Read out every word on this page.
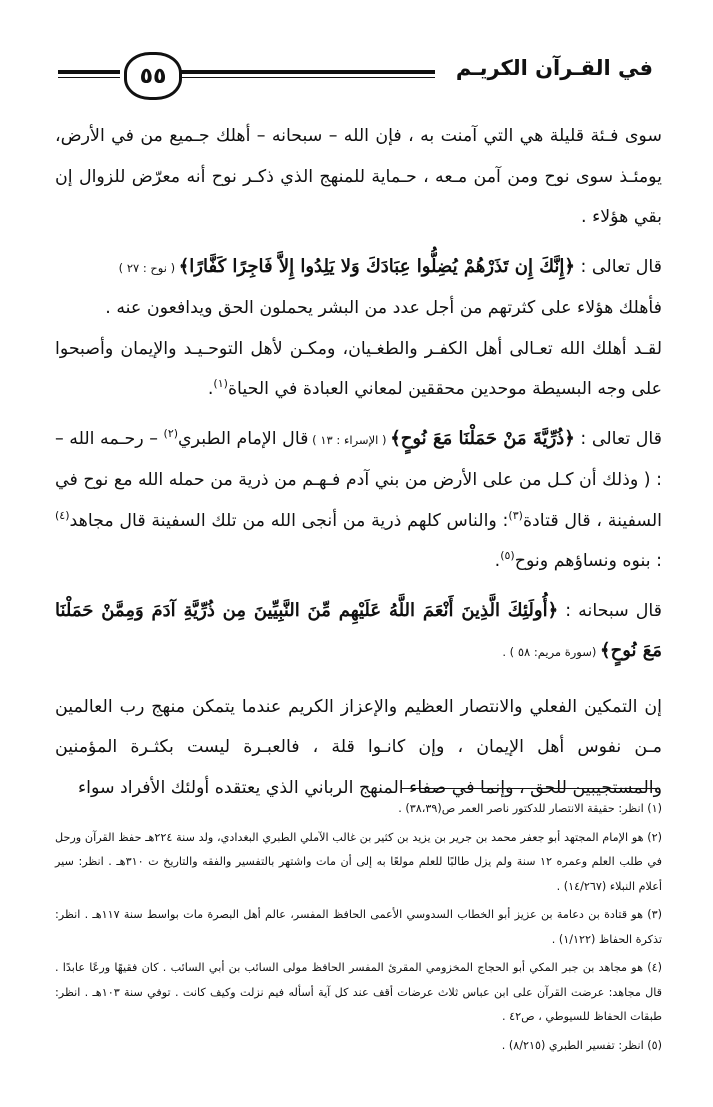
٥٥	في القـرآن الكريـم

سوى فـئة قليلة هي التي آمنت به ، فإن الله – سبحانه – أهلك جـميع من في الأرض، يومئـذ سوى نوح ومن آمن مـعه ، حـماية للمنهج الذي ذكـر نوح أنه معرّض للزوال إن بقي هؤلاء .

قال تعالى : ﴿إِنَّكَ إِن تَذَرْهُمْ يُضِلُّوا عِبَادَكَ وَلا يَلِدُوا إِلاَّ فَاجِرًا كَفَّارًا﴾ ( نوح : ٢٧ )

فأهلك هؤلاء على كثرتهم من أجل عدد من البشر يحملون الحق ويدافعون عنه .

لقـد أهلك الله تعـالى أهل الكفـر والطغـيان، ومكـن لأهل التوحـيـد والإيمان وأصبحوا على وجه البسيطة موحدين محققين لمعاني العبادة في الحياة$^{(١)}$.

قال تعالى : ﴿ذُرِّيَّةَ مَنْ حَمَلْنَا مَعَ نُوحٍ﴾ ( الإسراء : ١٣ ) قال الإمام الطبري$^{(٢)}$ – رحـمه الله – : ( وذلك أن كـل من على الأرض من بني آدم فـهـم من ذرية من حمله الله مع نوح في السفينة ، قال قتادة$^{(٣)}$: والناس كلهم ذرية من أنجى الله من تلك السفينة قال مجاهد$^{(٤)}$ : بنوه ونساؤهم ونوح$^{(٥)}$.

قال سبحانه : ﴿أُولَئِكَ الَّذِينَ أَنْعَمَ اللَّهُ عَلَيْهِم مِّنَ النَّبِيِّينَ مِن ذُرِّيَّةِ آدَمَ وَمِمَّنْ حَمَلْنَا مَعَ نُوحٍ﴾ (سورة مريم: ٥٨ ) .

إن التمكين الفعلي والانتصار العظيم والإعزاز الكريم عندما يتمكن منهج رب العالمين مـن نفوس أهل الإيمان ، وإن كانـوا قلة ، فالعبـرة ليست بكثـرة المؤمنين والمستجيبين للحق ، وإنما في صفاء المنهج الرباني الذي يعتقده أولئك الأفراد سواء

(١) انظر: حقيقة الانتصار للدكتور ناصر العمر ص(٣٨،٣٩) .
(٢) هو الإمام المجتهد أبو جعفر محمد بن جرير بن يزيد بن كثير بن غالب الآملي الطبري البغدادي، ولد سنة ٢٢٤هـ حفظ القرآن ورحل في طلب العلم وعمره ١٢ سنة ولم يزل طالبًا للعلم مولعًا به إلى أن مات واشتهر بالتفسير والفقه والتاريخ ت ٣١٠هـ . انظر: سير أعلام النبلاء (١٤/٢٦٧) .
(٣) هو قتادة بن دعامة بن عزيز أبو الخطاب السدوسي الأعمى الحافظ المفسر، عالم أهل البصرة مات بواسط سنة ١١٧هـ . انظر: تذكرة الحفاظ (١/١٢٢) .
(٤) هو مجاهد بن جبر المكي أبو الحجاج المخزومي المقرئ المفسر الحافظ مولى السائب بن أبي السائب . كان فقيهًا ورعًا عابدًا . قال مجاهد: عرضت القرآن على ابن عباس ثلاث عرضات أقف عند كل آية أسأله فيم نزلت وكيف كانت . توفي سنة ١٠٣هـ . انظر: طبقات الحفاظ للسيوطي ، ص٤٢ .
(٥) انظر: تفسير الطبري (٨/٢١٥) .
